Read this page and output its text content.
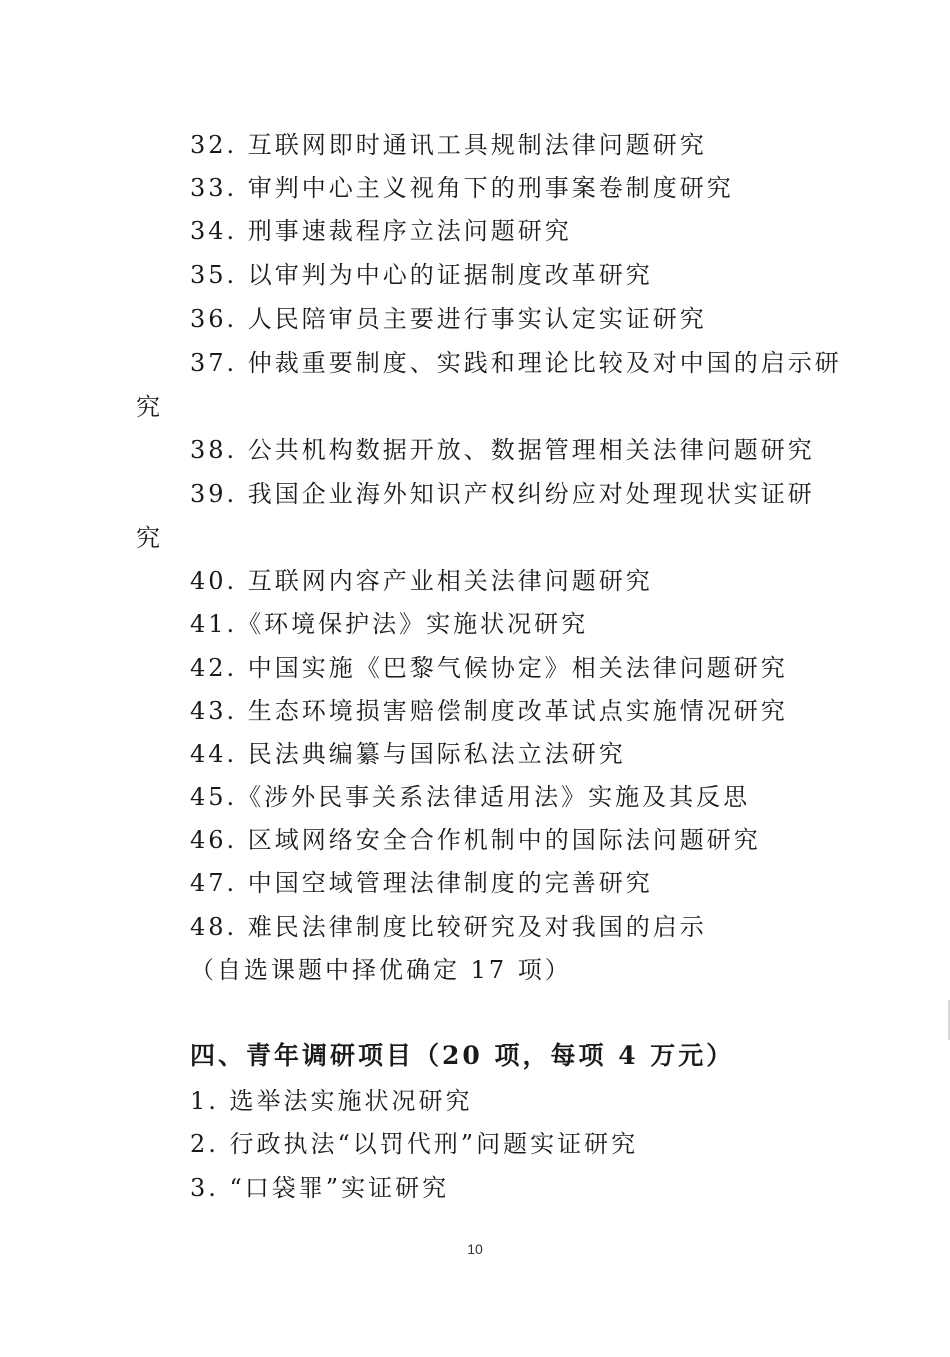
32. 互联网即时通讯工具规制法律问题研究
33. 审判中心主义视角下的刑事案卷制度研究
34. 刑事速裁程序立法问题研究
35. 以审判为中心的证据制度改革研究
36. 人民陪审员主要进行事实认定实证研究
37. 仲裁重要制度、实践和理论比较及对中国的启示研
究
38. 公共机构数据开放、数据管理相关法律问题研究
39. 我国企业海外知识产权纠纷应对处理现状实证研
究
40. 互联网内容产业相关法律问题研究
41.《环境保护法》实施状况研究
42. 中国实施《巴黎气候协定》相关法律问题研究
43. 生态环境损害赔偿制度改革试点实施情况研究
44. 民法典编纂与国际私法立法研究
45.《涉外民事关系法律适用法》实施及其反思
46. 区域网络安全合作机制中的国际法问题研究
47. 中国空域管理法律制度的完善研究
48. 难民法律制度比较研究及对我国的启示
（自选课题中择优确定 17 项）
四、青年调研项目（20 项，每项 4 万元）
1. 选举法实施状况研究
2. 行政执法“以罚代刑”问题实证研究
3. “口袋罪”实证研究
10
